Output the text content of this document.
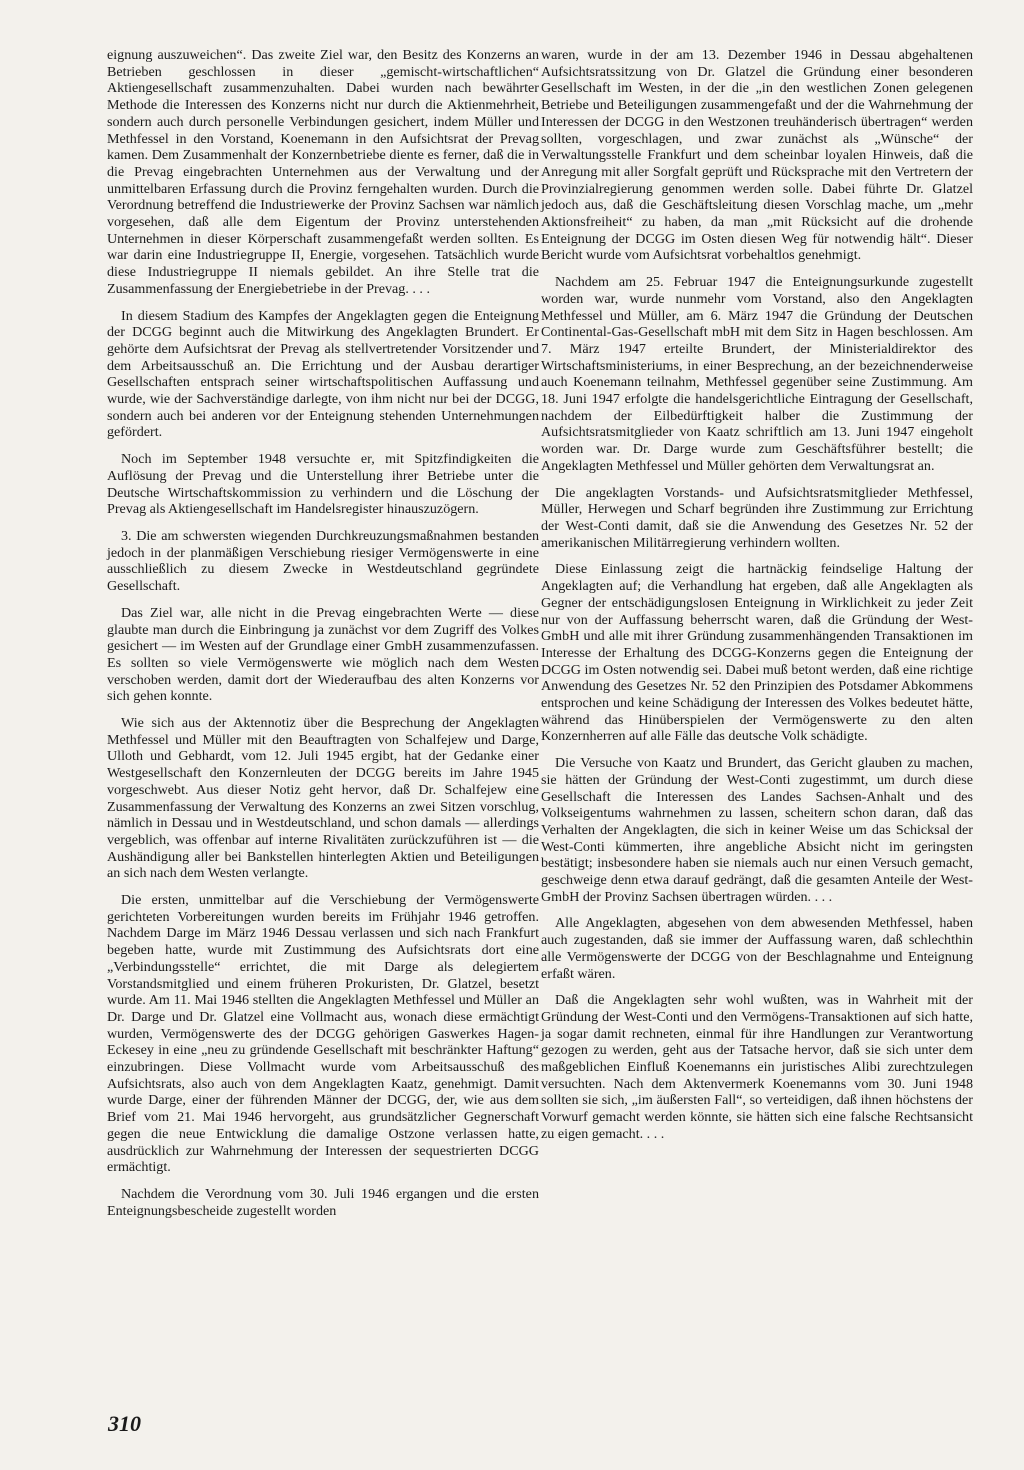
eignung auszuweichen“. Das zweite Ziel war, den Besitz des Konzerns an Betrieben geschlossen in dieser „gemischt-wirtschaftlichen“ Aktiengesellschaft zusammenzuhalten. Dabei wurden nach bewährter Methode die Interessen des Konzerns nicht nur durch die Aktienmehrheit, sondern auch durch personelle Verbindungen gesichert, indem Müller und Methfessel in den Vorstand, Koenemann in den Aufsichtsrat der Prevag kamen. Dem Zusammenhalt der Konzernbetriebe diente es ferner, daß die in die Prevag eingebrachten Unternehmen aus der Verwaltung und der unmittelbaren Erfassung durch die Provinz ferngehalten wurden. Durch die Verordnung betreffend die Industriewerke der Provinz Sachsen war nämlich vorgesehen, daß alle dem Eigentum der Provinz unterstehenden Unternehmen in dieser Körperschaft zusammengefaßt werden sollten. Es war darin eine Industriegruppe II, Energie, vorgesehen. Tatsächlich wurde diese Industriegruppe II niemals gebildet. An ihre Stelle trat die Zusammenfassung der Energiebetriebe in der Prevag. . . .

In diesem Stadium des Kampfes der Angeklagten gegen die Enteignung der DCGG beginnt auch die Mitwirkung des Angeklagten Brundert. Er gehörte dem Aufsichtsrat der Prevag als stellvertretender Vorsitzender und dem Arbeitsausschuß an. Die Errichtung und der Ausbau derartiger Gesellschaften entsprach seiner wirtschaftspolitischen Auffassung und wurde, wie der Sachverständige darlegte, von ihm nicht nur bei der DCGG, sondern auch bei anderen vor der Enteignung stehenden Unternehmungen gefördert.

Noch im September 1948 versuchte er, mit Spitzfindigkeiten die Auflösung der Prevag und die Unterstellung ihrer Betriebe unter die Deutsche Wirtschaftskommission zu verhindern und die Löschung der Prevag als Aktiengesellschaft im Handelsregister hinauszuzögern.

3. Die am schwersten wiegenden Durchkreuzungsmaßnahmen bestanden jedoch in der planmäßigen Verschiebung riesiger Vermögenswerte in eine ausschließlich zu diesem Zwecke in Westdeutschland gegründete Gesellschaft.

Das Ziel war, alle nicht in die Prevag eingebrachten Werte — diese glaubte man durch die Einbringung ja zunächst vor dem Zugriff des Volkes gesichert — im Westen auf der Grundlage einer GmbH zusammenzufassen. Es sollten so viele Vermögenswerte wie möglich nach dem Westen verschoben werden, damit dort der Wiederaufbau des alten Konzerns vor sich gehen konnte.

Wie sich aus der Aktennotiz über die Besprechung der Angeklagten Methfessel und Müller mit den Beauftragten von Schalfejew und Darge, Ulloth und Gebhardt, vom 12. Juli 1945 ergibt, hat der Gedanke einer Westgesellschaft den Konzernleuten der DCGG bereits im Jahre 1945 vorgeschwebt. Aus dieser Notiz geht hervor, daß Dr. Schalfejew eine Zusammenfassung der Verwaltung des Konzerns an zwei Sitzen vorschlug, nämlich in Dessau und in Westdeutschland, und schon damals — allerdings vergeblich, was offenbar auf interne Rivalitäten zurückzuführen ist — die Aushändigung aller bei Bankstellen hinterlegten Aktien und Beteiligungen an sich nach dem Westen verlangte.

Die ersten, unmittelbar auf die Verschiebung der Vermögenswerte gerichteten Vorbereitungen wurden bereits im Frühjahr 1946 getroffen. Nachdem Darge im März 1946 Dessau verlassen und sich nach Frankfurt begeben hatte, wurde mit Zustimmung des Aufsichtsrats dort eine „Verbindungsstelle“ errichtet, die mit Darge als delegiertem Vorstandsmitglied und einem früheren Prokuristen, Dr. Glatzel, besetzt wurde. Am 11. Mai 1946 stellten die Angeklagten Methfessel und Müller an Dr. Darge und Dr. Glatzel eine Vollmacht aus, wonach diese ermächtigt wurden, Vermögenswerte des der DCGG gehörigen Gaswerkes Hagen-Eckesey in eine „neu zu gründende Gesellschaft mit beschränkter Haftung“ einzubringen. Diese Vollmacht wurde vom Arbeitsausschuß des Aufsichtsrats, also auch von dem Angeklagten Kaatz, genehmigt. Damit wurde Darge, einer der führenden Männer der DCGG, der, wie aus dem Brief vom 21. Mai 1946 hervorgeht, aus grundsätzlicher Gegnerschaft gegen die neue Entwicklung die damalige Ostzone verlassen hatte, ausdrücklich zur Wahrnehmung der Interessen der sequestrierten DCGG ermächtigt.

Nachdem die Verordnung vom 30. Juli 1946 ergangen und die ersten Enteignungsbescheide zugestellt worden

waren, wurde in der am 13. Dezember 1946 in Dessau abgehaltenen Aufsichtsratssitzung von Dr. Glatzel die Gründung einer besonderen Gesellschaft im Westen, in der die „in den westlichen Zonen gelegenen Betriebe und Beteiligungen zusammengefaßt und der die Wahrnehmung der Interessen der DCGG in den Westzonen treuhänderisch übertragen“ werden sollten, vorgeschlagen, und zwar zunächst als „Wünsche“ der Verwaltungsstelle Frankfurt und dem scheinbar loyalen Hinweis, daß die Anregung mit aller Sorgfalt geprüft und Rücksprache mit den Vertretern der Provinzialregierung genommen werden solle. Dabei führte Dr. Glatzel jedoch aus, daß die Geschäftsleitung diesen Vorschlag mache, um „mehr Aktionsfreiheit“ zu haben, da man „mit Rücksicht auf die drohende Enteignung der DCGG im Osten diesen Weg für notwendig hält“. Dieser Bericht wurde vom Aufsichtsrat vorbehaltlos genehmigt.

Nachdem am 25. Februar 1947 die Enteignungsurkunde zugestellt worden war, wurde nunmehr vom Vorstand, also den Angeklagten Methfessel und Müller, am 6. März 1947 die Gründung der Deutschen Continental-Gas-Gesellschaft mbH mit dem Sitz in Hagen beschlossen. Am 7. März 1947 erteilte Brundert, der Ministerialdirektor des Wirtschaftsministeriums, in einer Besprechung, an der bezeichnenderweise auch Koenemann teilnahm, Methfessel gegenüber seine Zustimmung. Am 18. Juni 1947 erfolgte die handelsgerichtliche Eintragung der Gesellschaft, nachdem der Eilbedürftigkeit halber die Zustimmung der Aufsichtsratsmitglieder von Kaatz schriftlich am 13. Juni 1947 eingeholt worden war. Dr. Darge wurde zum Geschäftsführer bestellt; die Angeklagten Methfessel und Müller gehörten dem Verwaltungsrat an.

Die angeklagten Vorstands- und Aufsichtsratsmitglieder Methfessel, Müller, Herwegen und Scharf begründen ihre Zustimmung zur Errichtung der West-Conti damit, daß sie die Anwendung des Gesetzes Nr. 52 der amerikanischen Militärregierung verhindern wollten.

Diese Einlassung zeigt die hartnäckig feindselige Haltung der Angeklagten auf; die Verhandlung hat ergeben, daß alle Angeklagten als Gegner der entschädigungslosen Enteignung in Wirklichkeit zu jeder Zeit nur von der Auffassung beherrscht waren, daß die Gründung der West-GmbH und alle mit ihrer Gründung zusammenhängenden Transaktionen im Interesse der Erhaltung des DCGG-Konzerns gegen die Enteignung der DCGG im Osten notwendig sei. Dabei muß betont werden, daß eine richtige Anwendung des Gesetzes Nr. 52 den Prinzipien des Potsdamer Abkommens entsprochen und keine Schädigung der Interessen des Volkes bedeutet hätte, während das Hinüberspielen der Vermögenswerte zu den alten Konzernherren auf alle Fälle das deutsche Volk schädigte.

Die Versuche von Kaatz und Brundert, das Gericht glauben zu machen, sie hätten der Gründung der West-Conti zugestimmt, um durch diese Gesellschaft die Interessen des Landes Sachsen-Anhalt und des Volkseigentums wahrnehmen zu lassen, scheitern schon daran, daß das Verhalten der Angeklagten, die sich in keiner Weise um das Schicksal der West-Conti kümmerten, ihre angebliche Absicht nicht im geringsten bestätigt; insbesondere haben sie niemals auch nur einen Versuch gemacht, geschweige denn etwa darauf gedrängt, daß die gesamten Anteile der West-GmbH der Provinz Sachsen übertragen würden. . . .

Alle Angeklagten, abgesehen von dem abwesenden Methfessel, haben auch zugestanden, daß sie immer der Auffassung waren, daß schlechthin alle Vermögenswerte der DCGG von der Beschlagnahme und Enteignung erfaßt wären.

Daß die Angeklagten sehr wohl wußten, was in Wahrheit mit der Gründung der West-Conti und den Vermögens-Transaktionen auf sich hatte, ja sogar damit rechneten, einmal für ihre Handlungen zur Verantwortung gezogen zu werden, geht aus der Tatsache hervor, daß sie sich unter dem maßgeblichen Einfluß Koenemanns ein juristisches Alibi zurechtzulegen versuchten. Nach dem Aktenvermerk Koenemanns vom 30. Juni 1948 sollten sie sich, „im äußersten Fall“, so verteidigen, daß ihnen höchstens der Vorwurf gemacht werden könnte, sie hätten sich eine falsche Rechtsansicht zu eigen gemacht. . . .

310
